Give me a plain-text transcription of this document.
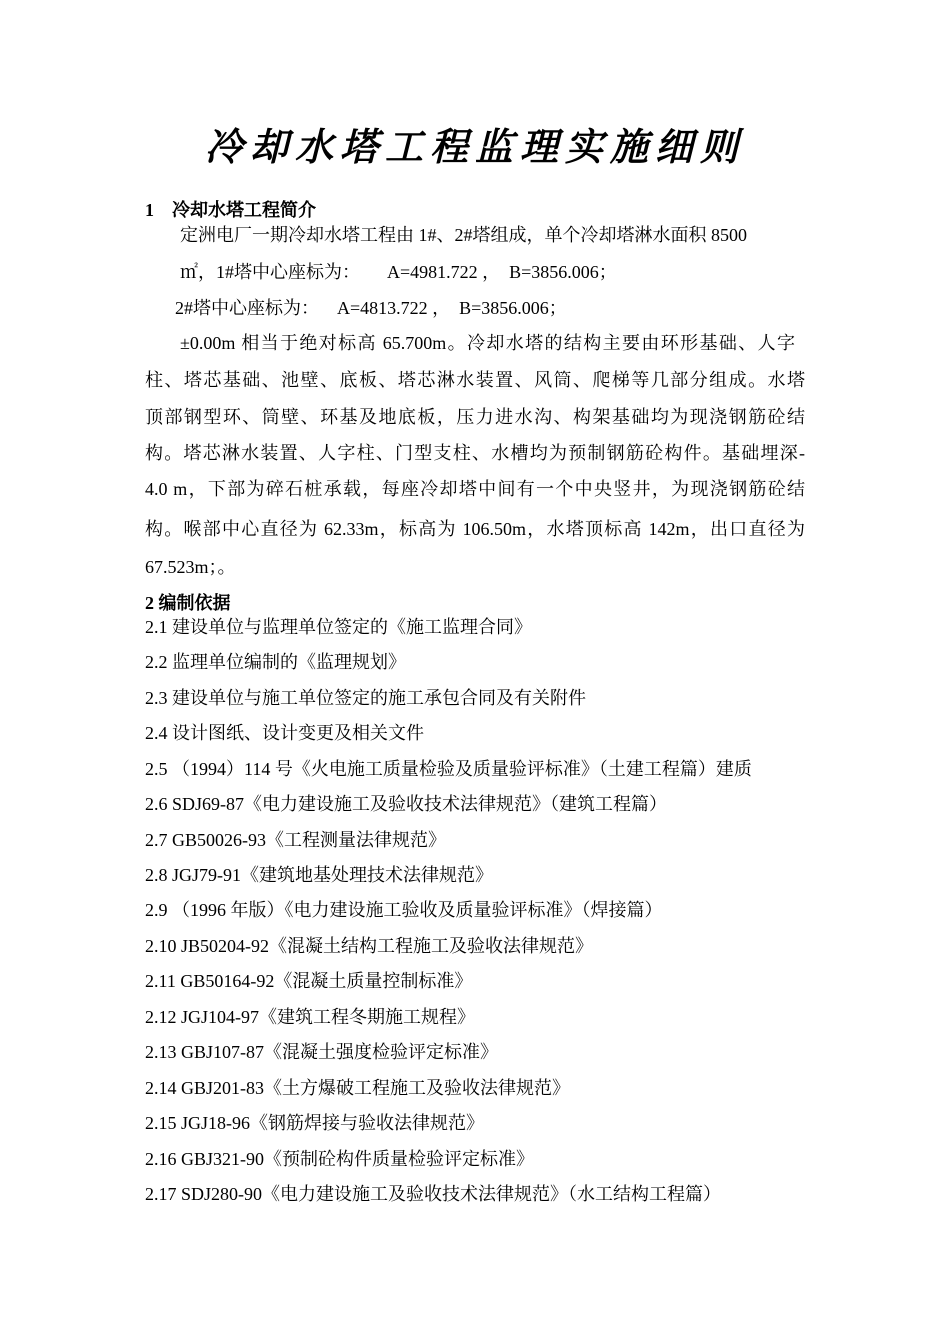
冷却水塔工程监理实施细则
1    冷却水塔工程简介
定洲电厂一期冷却水塔工程由 1#、2#塔组成，单个冷却塔淋水面积 8500
㎡，1#塔中心座标为：      A=4981.722 ，  B=3856.006；
2#塔中心座标为：    A=4813.722 ，  B=3856.006；
±0.00m 相当于绝对标高 65.700m。冷却水塔的结构主要由环形基础、人字
柱、塔芯基础、池壁、底板、塔芯淋水装置、风筒、爬梯等几部分组成。水塔
顶部钢型环、筒壁、环基及地底板，压力进水沟、构架基础均为现浇钢筋砼结
构。塔芯淋水装置、人字柱、门型支柱、水槽均为预制钢筋砼构件。基础埋深-
4.0 m，下部为碎石桩承载，每座冷却塔中间有一个中央竖井，为现浇钢筋砼结
构。喉部中心直径为 62.33m，标高为 106.50m，水塔顶标高 142m，出口直径为
67.523m；。
2 编制依据
2.1 建设单位与监理单位签定的《施工监理合同》
2.2 监理单位编制的《监理规划》
2.3 建设单位与施工单位签定的施工承包合同及有关附件
2.4 设计图纸、设计变更及相关文件
2.5 （1994）114 号《火电施工质量检验及质量验评标准》（土建工程篇）建质
2.6 SDJ69-87《电力建设施工及验收技术法律规范》（建筑工程篇）
2.7 GB50026-93《工程测量法律规范》
2.8 JGJ79-91《建筑地基处理技术法律规范》
2.9 （1996 年版）《电力建设施工验收及质量验评标准》（焊接篇）
2.10 JB50204-92《混凝土结构工程施工及验收法律规范》
2.11 GB50164-92《混凝土质量控制标准》
2.12 JGJ104-97《建筑工程冬期施工规程》
2.13 GBJ107-87《混凝土强度检验评定标准》
2.14 GBJ201-83《土方爆破工程施工及验收法律规范》
2.15 JGJ18-96《钢筋焊接与验收法律规范》
2.16 GBJ321-90《预制砼构件质量检验评定标准》
2.17 SDJ280-90《电力建设施工及验收技术法律规范》（水工结构工程篇）
